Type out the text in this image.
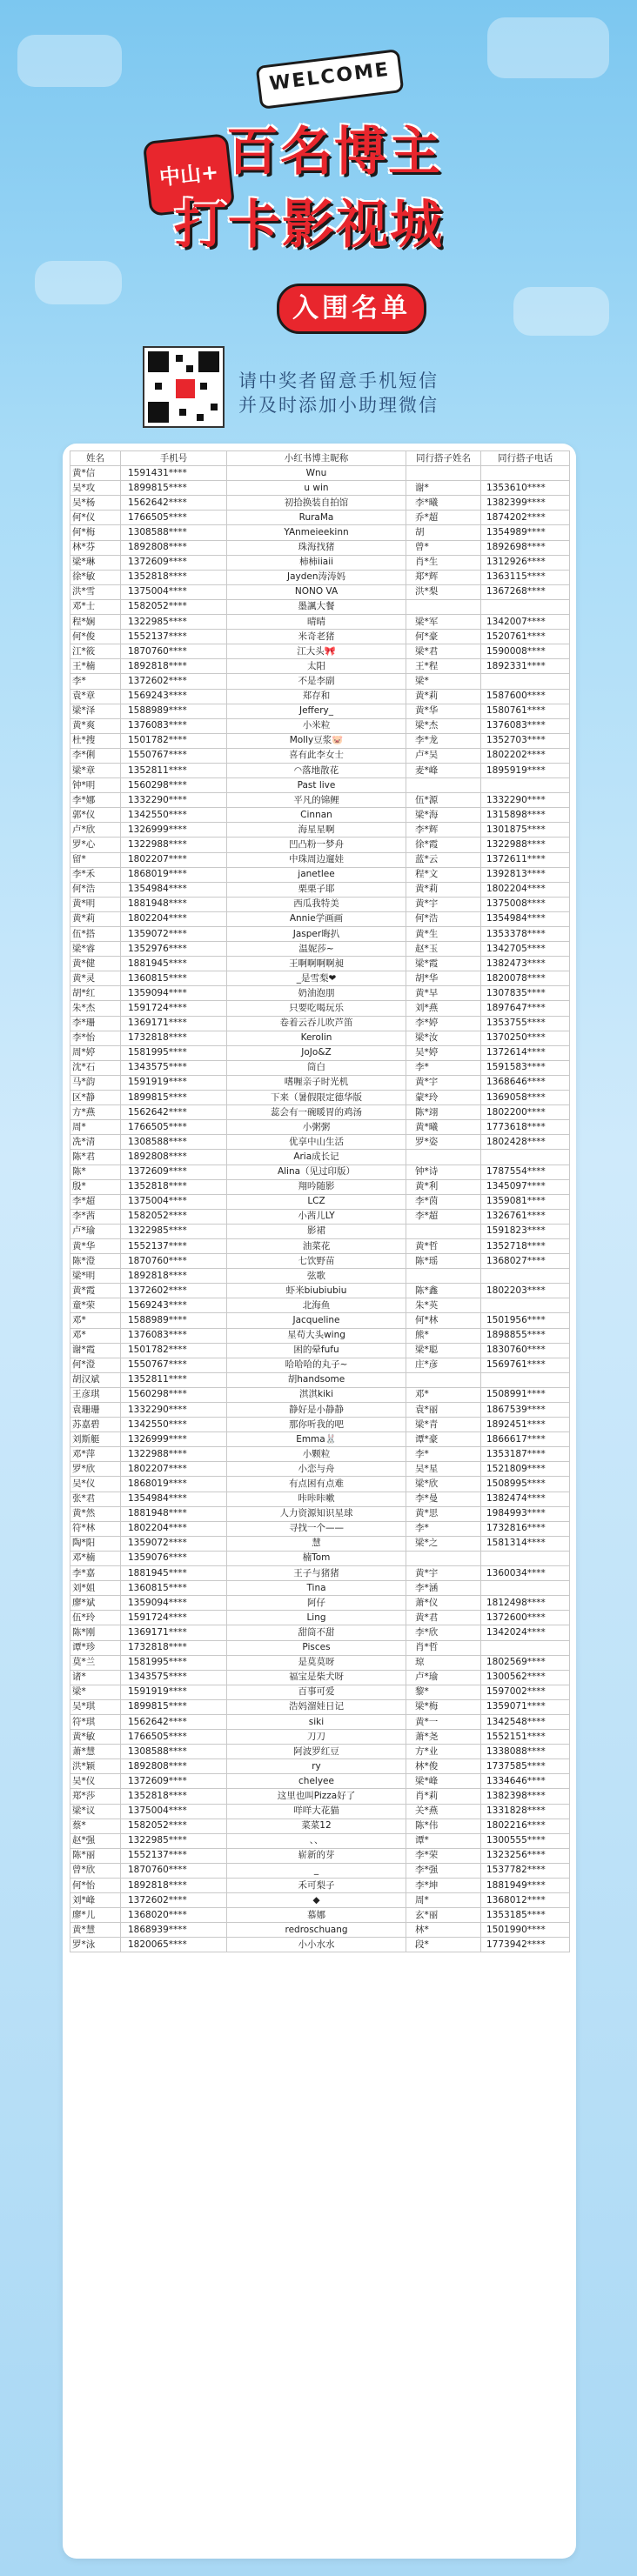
WELCOME
中山+ 百名博主
打卡影视城
入围名单
请中奖者留意手机短信
并及时添加小助理微信
姓名	手机号	小红书博主昵称	同行搭子姓名	同行搭子电话
黄*信	1591431****	Wnu		
吴*攻	1899815****	u win	谢*	1353610****
吴*杨	1562642****	初拾换装自拍馆	李*曦	1382399****
何*仪	1766505****	RuraMa	乔*超	1874202****
何*梅	1308588****	YAnmeieekinn	胡	1354989****
林*芬	1892808****	珠海找猪	曾*	1892698****
梁*琳	1372609****	柿柿iiaii	肖*生	1312926****
徐*敏	1352818****	Jayden涛涛妈	郑*辉	1363115****
洪*雪	1375004****	NONO VA	洪*梨	1367268****
邓*士	1582052****	墨諷大餐		
程*娴	1322985****	晴晴	梁*军	1342007****
何*俊	1552137****	米奇老猪	何*豪	1520761****
江*筱	1870760****	江大头🎀	梁*君	1590008****
王*楠	1892818****	太阳	王*程	1892331****
李*	1372602****	不是李副	梁*	
袁*章	1569243****	郑存和	黄*莉	1587600****
梁*泽	1588989****	Jeffery_	黄*华	1580761****
黄*爽	1376083****	小米粒	梁*杰	1376083****
杜*搜	1501782****	Molly豆浆🐷	李*龙	1352703****
李*俐	1550767****	喜有此李女士	卢*吴	1802202****
梁*章	1352811****	◠落地散花	麦*峰	1895919****
钟*明	1560298****	Past live		
李*娜	1332290****	平凡的锦鲤	伍*源	1332290****
郭*仪	1342550****	Cinnan	梁*海	1315898****
卢*欣	1326999****	海星星啊	李*辉	1301875****
罗*心	1322988****	凹凸粉一梦舟	徐*霞	1322988****
留*	1802207****	中珠周边遛娃	蓝*云	1372611****
李*禾	1868019****	janetlee	程*文	1392813****
何*浩	1354984****	栗栗子耶	黄*莉	1802204****
黄*明	1881948****	西瓜我特美	黄*宇	1375008****
黄*莉	1802204****	Annie学画画	何*浩	1354984****
伍*搭	1359072****	Jasper晦扒	黄*生	1353378****
梁*睿	1352976****	温妮莎~	赵*玉	1342705****
黄*健	1881945****	王啊啊啊啊昶	梁*霞	1382473****
黄*灵	1360815****	_是雪梨❤	胡*华	1820078****
胡*红	1359094****	奶油泡朋	黄*早	1307835****
朱*杰	1591724****	只要吃喝玩乐	刘*燕	1897647****
李*珊	1369171****	卷着云吞儿吹芦笛	李*婷	1353755****
李*怡	1732818****	Kerolin	梁*汝	1370250****
周*婷	1581995****	JoJo&Z	吴*婷	1372614****
沈*石	1343575****	筒白	李*	1591583****
马*韵	1591919****	嗜喱亲子时光机	黄*宇	1368646****
区*静	1899815****	下来（暑假限定德华版	蒙*玲	1369058****
方*燕	1562642****	蕊会有一碗暖胃的鸡汤	陈*翊	1802200****
周*	1766505****	小粥粥	黄*曦	1773618****
冼*清	1308588****	优享中山生活	罗*姿	1802428****
陈*君	1892808****	Aria成长记		
陈*	1372609****	Alina（见过印版）	钟*诗	1787554****
殷*	1352818****	翔吟随影	黄*利	1345097****
李*超	1375004****	LCZ	李*茵	1359081****
李*茜	1582052****	小茜儿LY	李*超	1326761****
卢*瑜	1322985****	影裙		1591823****
黄*华	1552137****	油菜花	黄*哲	1352718****
陈*澄	1870760****	七饮野苗	陈*瑶	1368027****
梁*明	1892818****	弦歌		
黄*霞	1372602****	虾米biubiubiu	陈*鑫	1802203****
童*荣	1569243****	北海鱼	朱*英	
邓*	1588989****	Jacqueline	何*林	1501956****
邓*	1376083****	星苟大头wing	熊*	1898855****
谢*霞	1501782****	困的晕fufu	梁*聪	1830760****
何*澄	1550767****	哈哈哈的丸子~	庄*彦	1569761****
胡汉斌	1352811****	胡handsome		
王彦琪	1560298****	淇淇kiki	邓*	1508991****
袁珊珊	1332290****	静好是小静静	袁*丽	1867539****
苏嘉碧	1342550****	那你听我的吧	梁*青	1892451****
刘斯艇	1326999****	Emma🐰	谭*豪	1866617****
邓*萍	1322988****	小颗粒	李*	1353187****
罗*欣	1802207****	小恋与舟	吴*星	1521809****
吴*仪	1868019****	有点困有点难	梁*欣	1508995****
张*君	1354984****	咔咔咔嗽	李*曼	1382474****
黄*然	1881948****	人力资源知识星球	黄*思	1984993****
符*林	1802204****	寻找一个——	李*	1732816****
陶*阳	1359072****	慧	梁*之	1581314****
邓*楠	1359076****	楠Tom		
李*嘉	1881945****	王子与猪猪	黄*宇	1360034****
刘*姐	1360815****	Tina	李*涵	
廖*斌	1359094****	阿仔	萧*仪	1812498****
伍*玲	1591724****	Ling	黄*君	1372600****
陈*刚	1369171****	甜筒不甜	李*欣	1342024****
谭*珍	1732818****	Pisces	肖*哲	
莫*兰	1581995****	是莫莫呀	琼	1802569****
诸*	1343575****	福宝是柴犬呀	卢*瑜	1300562****
梁*	1591919****	百事可爱	黎*	1597002****
吴*琪	1899815****	浩妈溜娃日记	梁*梅	1359071****
符*琪	1562642****	siki	黄*一	1342548****
黄*敏	1766505****	刀刀	萧*尧	1552151****
萧*慧	1308588****	阿波罗红豆	方*业	1338088****
洪*颖	1892808****	ry	林*俊	1737585****
吴*仪	1372609****	chelyee	梁*峰	1334646****
郑*莎	1352818****	这里也叫Pizza好了	肖*莉	1382398****
梁*议	1375004****	咩咩大花猫	关*燕	1331828****
蔡*	1582052****	菜菜12	陈*伟	1802216****
赵*强	1322985****	、、	谭*	1300555****
陈*丽	1552137****	崭新的芽	李*荣	1323256****
曾*欣	1870760****	_	李*强	1537782****
何*怡	1892818****	禾可梨子	李*坤	1881949****
刘*峰	1372602****	◆	周*	1368012****
廖*儿	1368020****	慕娜	玄*丽	1353185****
黄*慧	1868939****	redroschuang	林*	1501990****
罗*泳	1820065****	小小水水	段*	1773942****
